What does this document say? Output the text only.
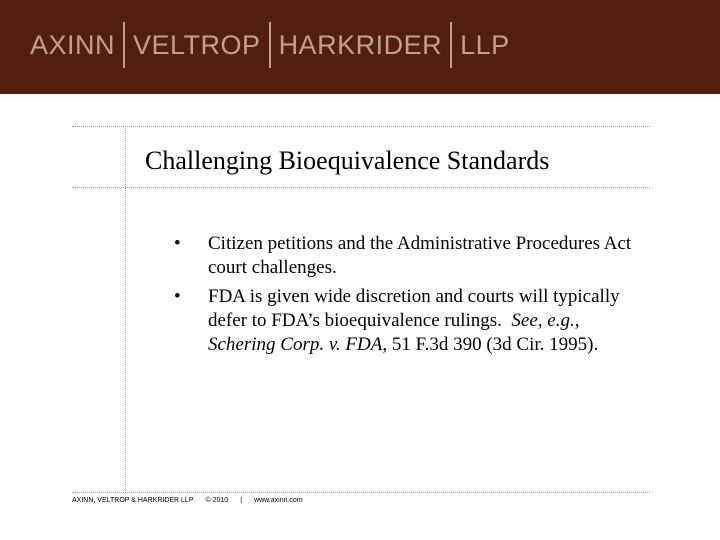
AXINN VELTROP HARKRIDER LLP
Challenging Bioequivalence Standards
• Citizen petitions and the Administrative Procedures Act court challenges.
• FDA is given wide discretion and courts will typically defer to FDA’s bioequivalence rulings.  See, e.g., Schering Corp. v. FDA, 51 F.3d 390 (3d Cir. 1995).
AXINN, VELTROP & HARKRIDER LLP © 2010 | www.axinn.com
